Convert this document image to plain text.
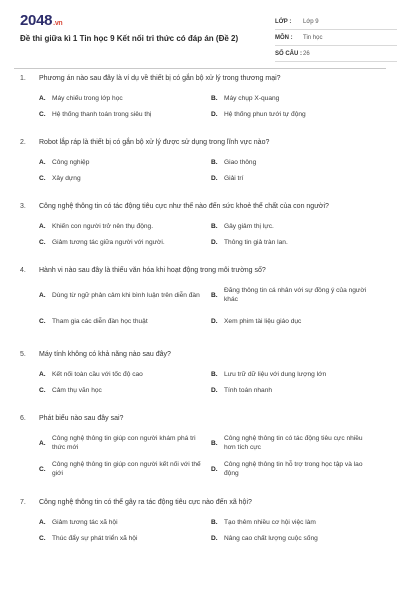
2048.vn
Đề thi giữa kì 1 Tin học 9 Kết nối tri thức có đáp án (Đề 2)
LỚP :	Lớp 9
MÔN :	Tin học
SỐ CÂU : 26
1.	Phương án nào sau đây là ví dụ về thiết bị có gắn bộ xử lý trong thương mại?
A. Máy chiếu trong lớp học	B. Máy chụp X-quang
C. Hệ thống thanh toán trong siêu thị	D. Hệ thống phun tưới tự động
2.	Robot lắp ráp là thiết bị có gắn bộ xử lý được sử dụng trong lĩnh vực nào?
A. Công nghiệp	B. Giao thông
C. Xây dựng	D. Giải trí
3.	Công nghệ thông tin có tác động tiêu cực như thế nào đến sức khoẻ thể chất của con người?
A. Khiến con người trở nên thụ động.	B. Gây giảm thị lực.
C. Giảm tương tác giữa người với người.	D. Thông tin giả tràn lan.
4.	Hành vi nào sau đây là thiếu văn hóa khi hoạt động trong môi trường số?
A. Dùng từ ngữ phản cảm khi bình luận trên diễn đàn	B.
Đăng thông tin cá nhân với sự đồng ý của người khác
C. Tham gia các diễn đàn học thuật	D. Xem phim tài liệu giáo dục
5.	Máy tính không có khả năng nào sau đây?
A. Kết nối toàn cầu với tốc độ cao	B. Lưu trữ dữ liệu với dung lượng lớn
C. Cảm thụ văn học	D. Tính toán nhanh
6.	Phát biểu nào sau đây sai?
A.
Công nghệ thông tin giúp con người khám phá tri thức mới
B.
Công nghệ thông tin có tác động tiêu cực nhiều hơn tích cực
C.
Công nghệ thông tin giúp con người kết nối với thế giới
D.
Công nghệ thông tin hỗ trợ trong học tập và lao động
7.	Công nghệ thông tin có thể gây ra tác động tiêu cực nào đến xã hội?
A. Giảm tương tác xã hội	B. Tạo thêm nhiều cơ hội việc làm
C. Thúc đẩy sự phát triển xã hội	D. Nâng cao chất lượng cuộc sống
